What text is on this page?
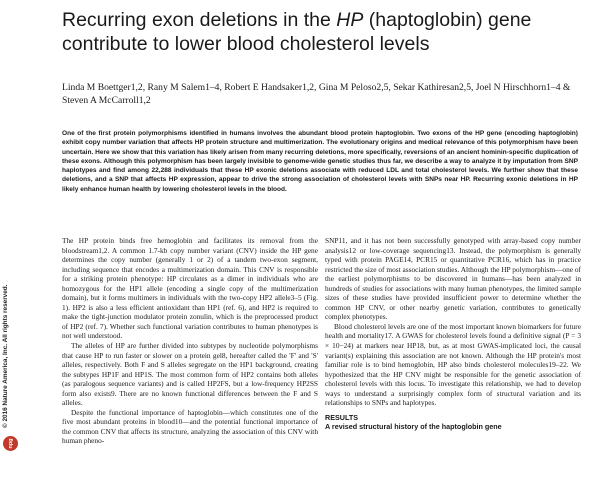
© 2016 Nature America, Inc. All rights reserved.
npg
Recurring exon deletions in the HP (haptoglobin) gene contribute to lower blood cholesterol levels
Linda M Boettger1,2, Rany M Salem1–4, Robert E Handsaker1,2, Gina M Peloso2,5, Sekar Kathiresan2,5, Joel N Hirschhorn1–4 & Steven A McCarroll1,2

One of the first protein polymorphisms identified in humans involves the abundant blood protein haptoglobin. Two exons of the HP gene (encoding haptoglobin) exhibit copy number variation that affects HP protein structure and multimerization. The evolutionary origins and medical relevance of this polymorphism have been uncertain. Here we show that this variation has likely arisen from many recurring deletions, more specifically, reversions of an ancient hominin-specific duplication of these exons. Although this polymorphism has been largely invisible to genome-wide genetic studies thus far, we describe a way to analyze it by imputation from SNP haplotypes and find among 22,288 individuals that these HP exonic deletions associate with reduced LDL and total cholesterol levels. We further show that these deletions, and a SNP that affects HP expression, appear to drive the strong association of cholesterol levels with SNPs near HP. Recurring exonic deletions in HP likely enhance human health by lowering cholesterol levels in the blood.

The HP protein binds free hemoglobin and facilitates its removal from the bloodstream1,2. A common 1.7-kb copy number variant (CNV) inside the HP gene determines the copy number (generally 1 or 2) of a tandem two-exon segment, including sequence that encodes a multimerization domain. This CNV is responsible for a striking protein phenotype: HP circulates as a dimer in individuals who are homozygous for the HP1 allele (encoding a single copy of the multimerization domain), but it forms multimers in individuals with the two-copy HP2 allele3–5 (Fig. 1). HP2 is also a less efficient antioxidant than HP1 (ref. 6), and HP2 is required to make the tight-junction modulator protein zonulin, which is the preprocessed product of HP2 (ref. 7). Whether such functional variation contributes to human phenotypes is not well understood.

The alleles of HP are further divided into subtypes by nucleotide polymorphisms that cause HP to run faster or slower on a protein gel8, hereafter called the 'F' and 'S' alleles, respectively. Both F and S alleles segregate on the HP1 background, creating the subtypes HP1F and HP1S. The most common form of HP2 contains both alleles (as paralogous sequence variants) and is called HP2FS, but a low-frequency HP2SS form also exists9. There are no known functional differences between the F and S alleles.

Despite the functional importance of haptoglobin—which constitutes one of the five most abundant proteins in blood10—and the potential functional importance of the common CNV that affects its structure, analyzing the association of this CNV with human pheno-

SNP11, and it has not been successfully genotyped with array-based copy number analysis12 or low-coverage sequencing13. Instead, the polymorphism is generally typed with protein PAGE14, PCR15 or quantitative PCR16, which has in practice restricted the size of most association studies. Although the HP polymorphism—one of the earliest polymorphisms to be discovered in humans—has been analyzed in hundreds of studies for associations with many human phenotypes, the limited sample sizes of these studies have provided insufficient power to determine whether the common HP CNV, or other nearby genetic variation, contributes to genetically complex phenotypes.

Blood cholesterol levels are one of the most important known biomarkers for future health and mortality17. A GWAS for cholesterol levels found a definitive signal (P = 3 × 10−24) at markers near HP18, but, as at most GWAS-implicated loci, the causal variant(s) explaining this association are not known. Although the HP protein's most familiar role is to bind hemoglobin, HP also binds cholesterol molecules19–22. We hypothesized that the HP CNV might be responsible for the genetic association of cholesterol levels with this locus. To investigate this relationship, we had to develop ways to understand a surprisingly complex form of structural variation and its relationships to SNPs and haplotypes.

RESULTS

A revised structural history of the haptoglobin gene
